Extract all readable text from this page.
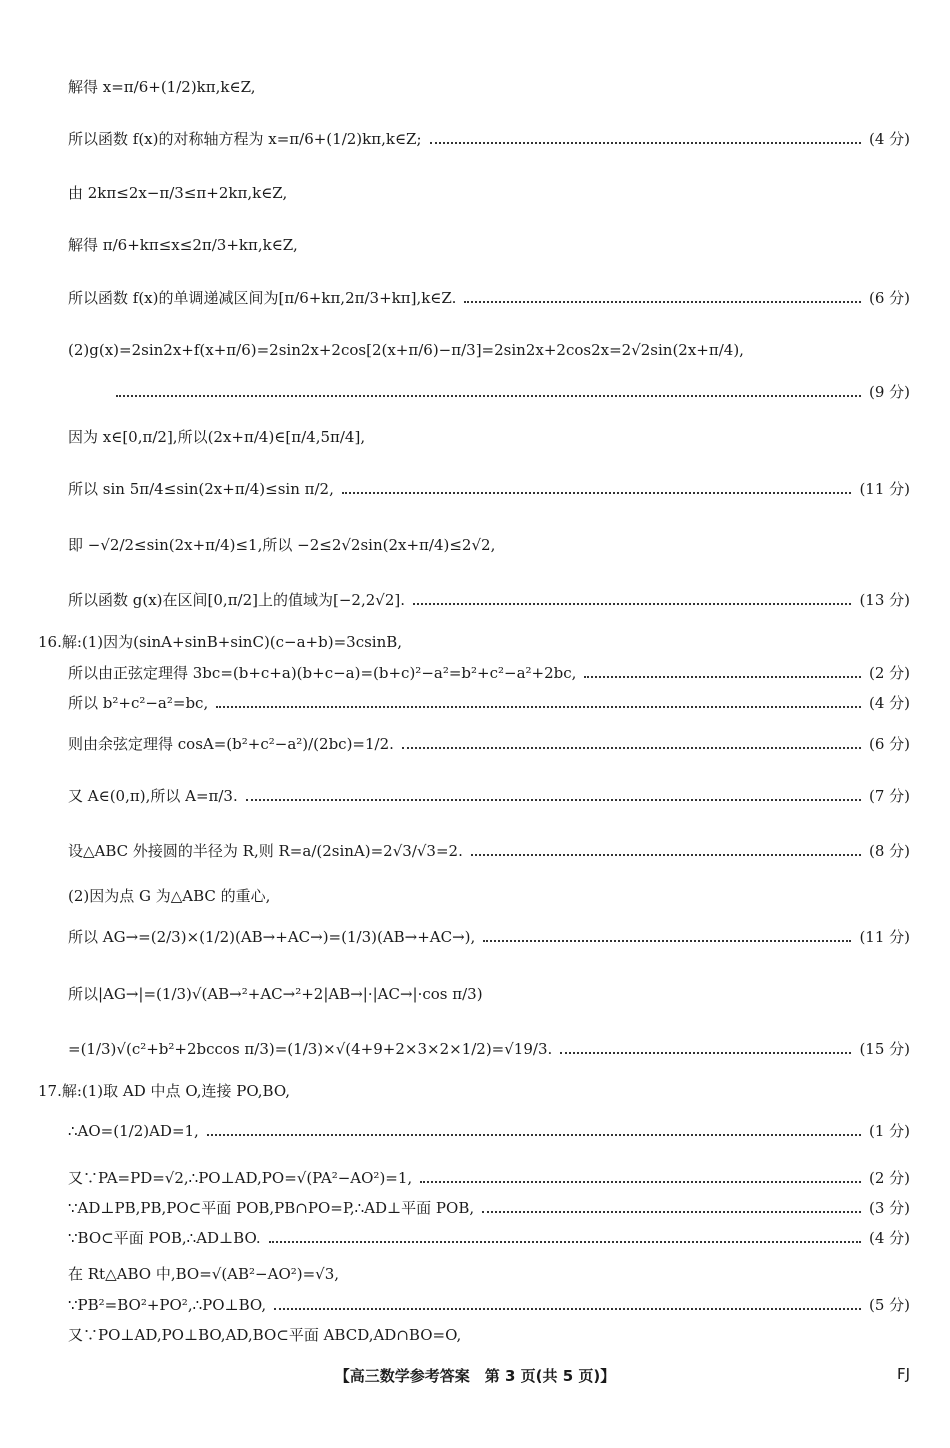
解得 x=π/6+(1/2)kπ,k∈Z,
所以函数 f(x)的对称轴方程为 x=π/6+(1/2)kπ,k∈Z;	(4 分)
由 2kπ≤2x−π/3≤π+2kπ,k∈Z,
解得 π/6+kπ≤x≤2π/3+kπ,k∈Z,
所以函数 f(x)的单调递减区间为[π/6+kπ,2π/3+kπ],k∈Z.	(6 分)
(2)g(x)=2sin2x+f(x+π/6)=2sin2x+2cos[2(x+π/6)−π/3]=2sin2x+2cos2x=2√2sin(2x+π/4),
(9 分)
因为 x∈[0,π/2],所以(2x+π/4)∈[π/4,5π/4],
所以 sin 5π/4≤sin(2x+π/4)≤sin π/2,	(11 分)
即 −√2/2≤sin(2x+π/4)≤1,所以 −2≤2√2sin(2x+π/4)≤2√2,
所以函数 g(x)在区间[0,π/2]上的值域为[−2,2√2].	(13 分)
16.解:(1)因为(sinA+sinB+sinC)(c−a+b)=3csinB,
所以由正弦定理得 3bc=(b+c+a)(b+c−a)=(b+c)²−a²=b²+c²−a²+2bc,	(2 分)
所以 b²+c²−a²=bc,	(4 分)
则由余弦定理得 cosA=(b²+c²−a²)/(2bc)=1/2.	(6 分)
又 A∈(0,π),所以 A=π/3.	(7 分)
设△ABC 外接圆的半径为 R,则 R=a/(2sinA)=2√3/√3=2.	(8 分)
(2)因为点 G 为△ABC 的重心,
所以 AG→=(2/3)×(1/2)(AB→+AC→)=(1/3)(AB→+AC→),	(11 分)
所以|AG→|=(1/3)√(AB→²+AC→²+2|AB→|·|AC→|·cos π/3)
=(1/3)√(c²+b²+2bccos π/3)=(1/3)×√(4+9+2×3×2×1/2)=√19/3.	(15 分)
17.解:(1)取 AD 中点 O,连接 PO,BO,
∴AO=(1/2)AD=1,	(1 分)
又∵PA=PD=√2,∴PO⊥AD,PO=√(PA²−AO²)=1,	(2 分)
∵AD⊥PB,PB,PO⊂平面 POB,PB∩PO=P,∴AD⊥平面 POB,	(3 分)
∵BO⊂平面 POB,∴AD⊥BO.	(4 分)
在 Rt△ABO 中,BO=√(AB²−AO²)=√3,
∵PB²=BO²+PO²,∴PO⊥BO,	(5 分)
又∵PO⊥AD,PO⊥BO,AD,BO⊂平面 ABCD,AD∩BO=O,
【高三数学参考答案　第 3 页(共 5 页)】	FJ
